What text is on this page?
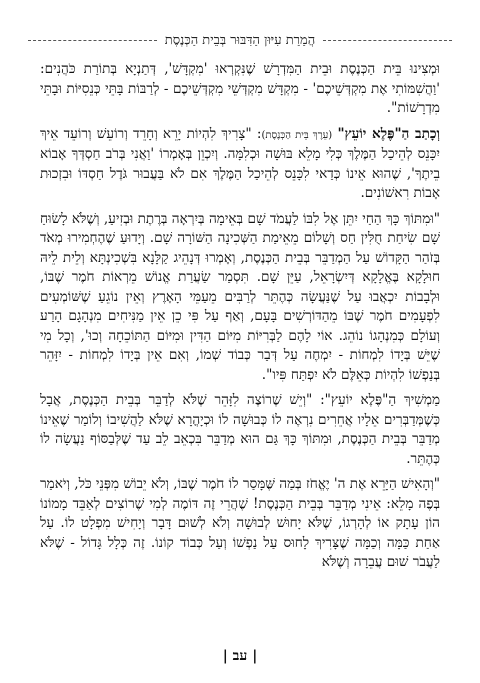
הֲמַרַת עִיּוּן הַדִּבּוּר בְּבֵית הַכְּנֶסֶת

וּמְצִינוּ בֵּית הַכְּנֶסֶת וּבֵית הַמִּדְרָשׁ שֶׁנִּקְרְאוּ 'מִקְדָּשׁ', דְּתַנְיָא בְּתוֹרַת כֹּהֲנִים: 'וַהֲשִׁמּוֹתִי אֶת מִקְדְּשֵׁיכֶם' - מִקְדָּשׁ מִקְדְּשֵׁי מִקְדְּשֵׁיכֶם - לְרַבּוֹת בָּתֵּי כְּנֵסִיּוֹת וּבָתֵּי מִדְרָשׁוֹת".

וְכָתַב הַ"פֶּלֶא יוֹעֵץ" (עֵרֶךְ בֵּית הַכְּנֶסֶת): "צָרִיךְ לִהְיוֹת יָרֵא וְחָרֵד וְרוֹעֵשׁ וְרוֹעֵד אֵיךְ יִכָּנֵס לְהֵיכַל הַמֶּלֶךְ כְּלִי מָלֵא בּוּשָׁה וּכְלִמָּה. וְיִכְוֵן בְּאָמְרוֹ 'וַאֲנִי בְּרֹב חַסְדְּךָ אָבוֹא בֵיתֶךָ', שֶׁהוּא אֵינוֹ כְּדַאי לִכָּנֵס לְהֵיכַל הַמֶּלֶךְ אִם לֹא בַּעֲבוּר גֹּדֶל חַסְדּוֹ וּבִזְכוּת אָבוֹת רִאשׁוֹנִים.

"וּמִתּוֹךְ כָּךְ הַחַי יִתֵּן אֶל לִבּוֹ לַעֲמֹד שָׁם בְּאֵימָה בְּיִרְאָה בְּרֶתֶת וּבְזִיעַ, וְשֶׁלֹּא לָשׂוּחַ שָׁם שִׂיחַת חֻלִּין חַס וְשָׁלוֹם מֵאֵימַת הַשְּׁכִינָה הַשּׁוֹרָה שָׁם. וְיָדוּעַ שֶׁהֶחְמִירוּ מְאֹד בְּזֹהַר הַקָּדוֹשׁ עַל הַמְדַבֵּר בְּבֵית הַכְּנֶסֶת, וְאָמְרוּ דְּנָהֵיג קַלָּנָא בִּשְׁכִינְתָּא וְלֵית לֵיהּ חוּלָקָא בֶּאֱלָקָא דְּיִשְׂרָאֵל, עַיֵּן שָׁם. תִּסְמַר שַׂעֲרַת אֱנוֹשׁ מֵרְאוֹת חֹמֶר שֶׁבּוֹ, וּלְבָבוֹת יִכְאֲבוּ עַל שֶׁנַּעֲשָׂה כְּהֶתֵּר לְרַבִּים מֵעַמֵּי הָאָרֶץ וְאֵין נוֹגֵעַ שֶׁשּׁוֹמְעִים לִפְעָמִים חֹמֶר שֶׁבּוֹ מֵהַדּוֹרְשִׁים בָּעָם, וְאַף עַל פִּי כֵן אֵין מַנִּיחִים מִנְהָגָם הָרַע וְעוֹלָם כְּמִנְהָגוֹ נוֹהֵג. אוֹי לָהֶם לַבְּרִיּוֹת מִיּוֹם הַדִּין וּמִיּוֹם הַתּוֹכֵחָה וְכוּ', וְכָל מִי שֶׁיֵּשׁ בְּיָדוֹ לִמְחוֹת - יִמְחֶה עַל דְּבַר כְּבוֹד שְׁמוֹ, וְאִם אֵין בְּיָדוֹ לִמְחוֹת - יִזָּהֵר בְּנַפְשׁוֹ לִהְיוֹת כְּאֵלֶּם לֹא יִפְתַּח פִּיו".

מַמְשִׁיךְ הַ"פֶּלֶא יוֹעֵץ": "וְיֵשׁ שֶׁרוֹצֶה לִזָּהֵר שֶׁלֹּא לְדַבֵּר בְּבֵית הַכְּנֶסֶת, אֲבָל כְּשֶׁמְּדַבְּרִים אֵלָיו אֲחֵרִים נִרְאֶה לוֹ כְּבוּשָׁה לוֹ וּכְיָהֳרָא שֶׁלֹּא לַהֲשִׁיבוֹ וְלוֹמַר שֶׁאֵינוֹ מְדַבֵּר בְּבֵית הַכְּנֶסֶת, וּמִתּוֹךְ כָּךְ גַּם הוּא מְדַבֵּר בִּכְאֵב לֵב עַד שֶׁלְּבַסּוֹף נַעֲשָׂה לוֹ כְּהֶתֵּר.

"וְהָאִישׁ הַיָּרֵא אֶת ה' יֶאֱחֹז בְּמַה שֶּׁמָּסַר לוֹ חֹמֶר שֶׁבּוֹ, וְלֹא יֵבוֹשׁ מִפְּנֵי כֹּל, וְיֹאמַר בְּפֶה מָלֵא: אֵינִי מְדַבֵּר בְּבֵית הַכְּנֶסֶת! שֶׁהֲרֵי זֶה דּוֹמֶה לְמִי שֶׁרוֹצִים לְאַבֵּד מָמוֹנוֹ הוֹן עָתָק אוֹ לְהָרְגוֹ, שֶׁלֹּא יָחוּשׁ לְבוּשָׁה וְלֹא לְשׁוּם דָּבָר וְיָחִישׁ מִפְלָט לוֹ. עַל אַחַת כַּמָּה וְכַמָּה שֶׁצָּרִיךְ לָחוּס עַל נַפְשׁוֹ וְעַל כְּבוֹד קוֹנוֹ. זֶה כְּלָל גָּדוֹל - שֶׁלֹּא לַעֲבֹר שׁוּם עֲבֵרָה וְשֶׁלֹּא

| עב |
